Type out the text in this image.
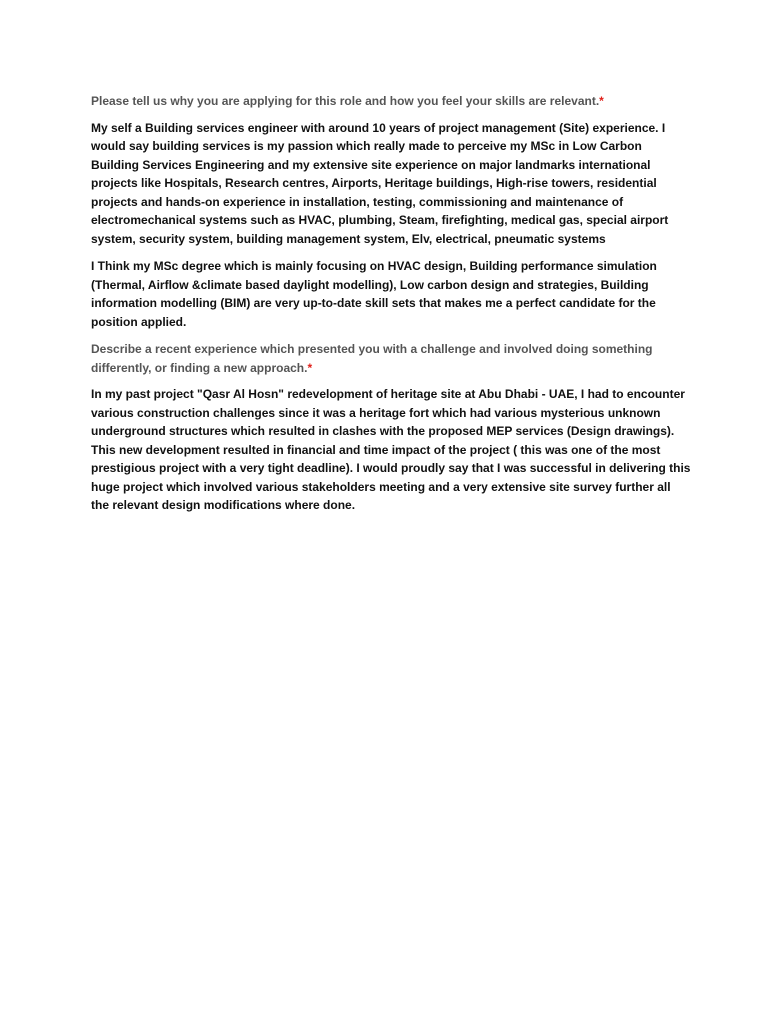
Please tell us why you are applying for this role and how you feel your skills are relevant.*

My self a Building services engineer with around 10 years of project management (Site) experience. I would say building services is my passion which really made to perceive my MSc in Low Carbon Building Services Engineering and my extensive site experience on major landmarks international projects like Hospitals, Research centres, Airports, Heritage buildings, High-rise towers, residential projects and hands-on experience in installation, testing, commissioning and maintenance of electromechanical systems such as HVAC, plumbing, Steam, firefighting, medical gas, special airport system, security system, building management system, Elv, electrical, pneumatic systems

I Think my MSc degree which is mainly focusing on HVAC design, Building performance simulation (Thermal, Airflow &climate based daylight modelling), Low carbon design and strategies, Building information modelling (BIM) are very up-to-date skill sets that makes me a perfect candidate for the position applied.

Describe a recent experience which presented you with a challenge and involved doing something differently, or finding a new approach.*

In my past project "Qasr Al Hosn" redevelopment of heritage site at Abu Dhabi - UAE, I had to encounter various construction challenges since it was a heritage fort which had various mysterious unknown underground structures which resulted in clashes with the proposed MEP services (Design drawings). This new development resulted in financial and time impact of the project ( this was one of the most prestigious project with a very tight deadline). I would proudly say that I was successful in delivering this huge project which involved various stakeholders meeting and a very extensive site survey further all the relevant design modifications where done.
